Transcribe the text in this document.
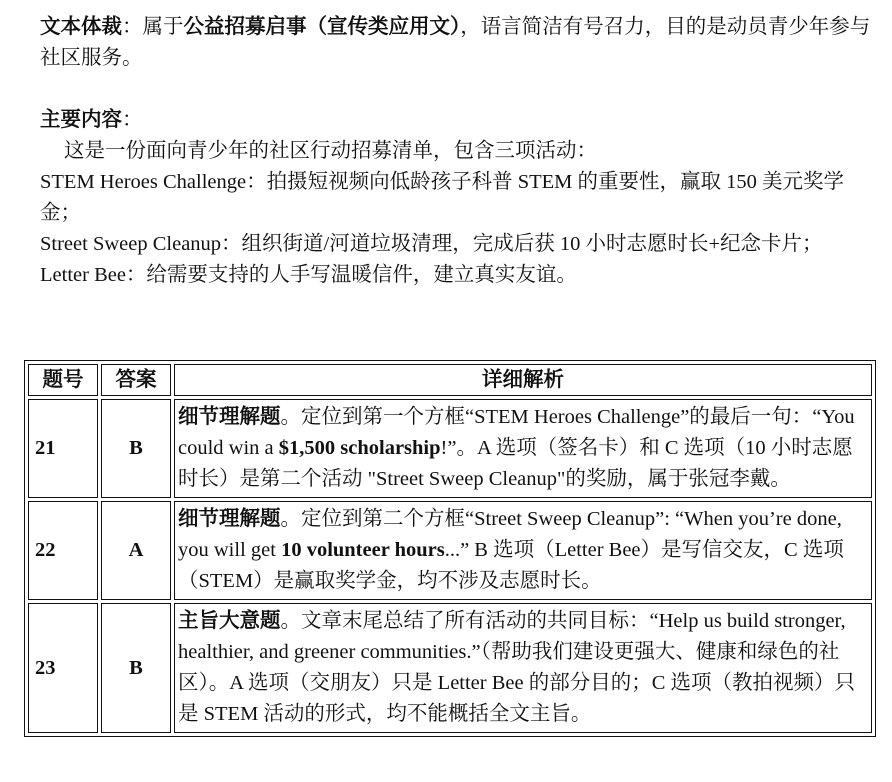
文本体裁：属于公益招募启事（宣传类应用文），语言简洁有号召力，目的是动员青少年参与社区服务。

主要内容：

这是一份面向青少年的社区行动招募清单，包含三项活动：

STEM Heroes Challenge：拍摄短视频向低龄孩子科普 STEM 的重要性，赢取 150 美元奖学金；

Street Sweep Cleanup：组织街道/河道垃圾清理，完成后获 10 小时志愿时长+纪念卡片；

Letter Bee：给需要支持的人手写温暖信件，建立真实友谊。

题号	答案	详细解析
21	B	细节理解题。定位到第一个方框“STEM Heroes Challenge”的最后一句：“You could win a $1,500 scholarship!”。A 选项（签名卡）和 C 选项（10 小时志愿时长）是第二个活动 "Street Sweep Cleanup"的奖励，属于张冠李戴。
22	A	细节理解题。定位到第二个方框“Street Sweep Cleanup”: “When you’re done, you will get 10 volunteer hours...” B 选项（Letter Bee）是写信交友，C 选项（STEM）是赢取奖学金，均不涉及志愿时长。
23	B	主旨大意题。文章末尾总结了所有活动的共同目标：“Help us build stronger, healthier, and greener communities.”（帮助我们建设更强大、健康和绿色的社区）。A 选项（交朋友）只是 Letter Bee 的部分目的；C 选项（教拍视频）只是 STEM 活动的形式，均不能概括全文主旨。
